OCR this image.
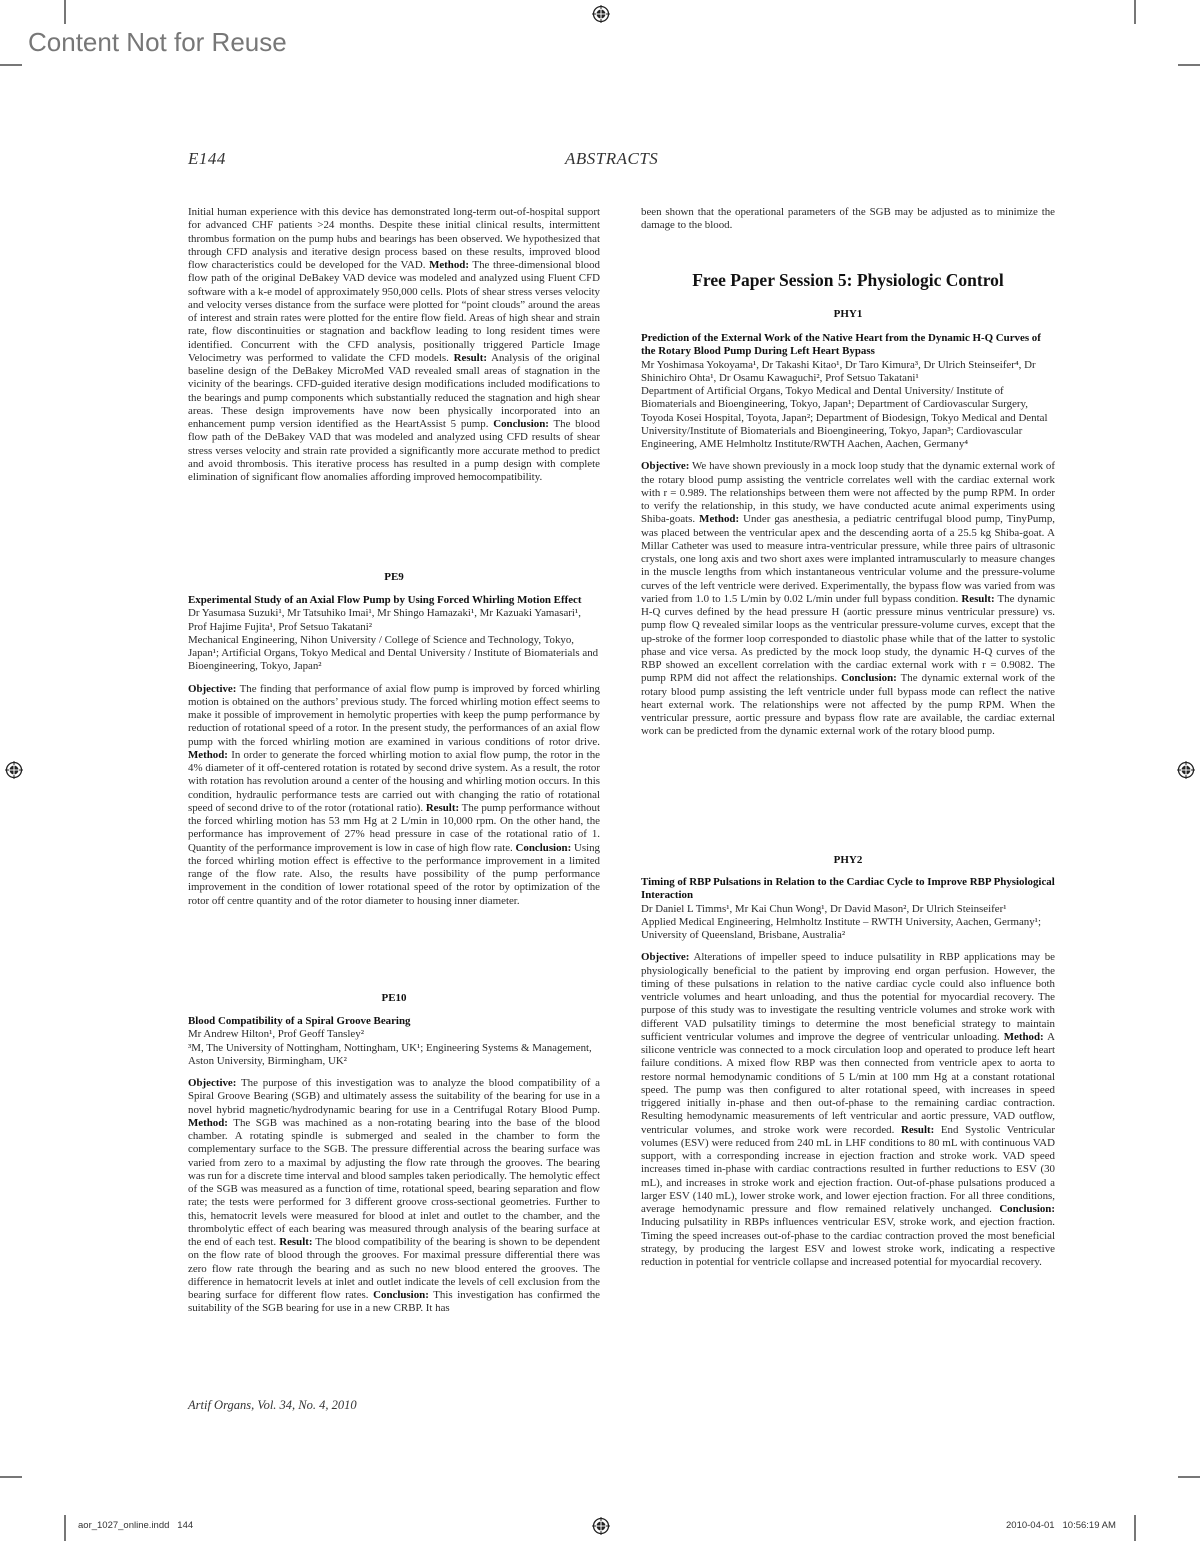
Content Not for Reuse
E144	ABSTRACTS
Initial human experience with this device has demonstrated long-term out-of-hospital support for advanced CHF patients >24 months. Despite these initial clinical results, intermittent thrombus formation on the pump hubs and bearings has been observed. We hypothesized that through CFD analysis and iterative design process based on these results, improved blood flow characteristics could be developed for the VAD. Method: The three-dimensional blood flow path of the original DeBakey VAD device was modeled and analyzed using Fluent CFD software with a k-e model of approximately 950,000 cells. Plots of shear stress verses velocity and velocity verses distance from the surface were plotted for “point clouds” around the areas of interest and strain rates were plotted for the entire flow field. Areas of high shear and strain rate, flow discontinuities or stagnation and backflow leading to long resident times were identified. Concurrent with the CFD analysis, positionally triggered Particle Image Velocimetry was performed to validate the CFD models. Result: Analysis of the original baseline design of the DeBakey MicroMed VAD revealed small areas of stagnation in the vicinity of the bearings. CFD-guided iterative design modifications included modifications to the bearings and pump components which substantially reduced the stagnation and high shear areas. These design improvements have now been physically incorporated into an enhancement pump version identified as the HeartAssist 5 pump. Conclusion: The blood flow path of the DeBakey VAD that was modeled and analyzed using CFD results of shear stress verses velocity and strain rate provided a significantly more accurate method to predict and avoid thrombosis. This iterative process has resulted in a pump design with complete elimination of significant flow anomalies affording improved hemocompatibility.
PE9
Experimental Study of an Axial Flow Pump by Using Forced Whirling Motion Effect
Dr Yasumasa Suzuki¹, Mr Tatsuhiko Imai¹, Mr Shingo Hamazaki¹, Mr Kazuaki Yamasari¹, Prof Hajime Fujita¹, Prof Setsuo Takatani²
Mechanical Engineering, Nihon University / College of Science and Technology, Tokyo, Japan¹; Artificial Organs, Tokyo Medical and Dental University / Institute of Biomaterials and Bioengineering, Tokyo, Japan²
Objective: The finding that performance of axial flow pump is improved by forced whirling motion is obtained on the authors’ previous study. The forced whirling motion effect seems to make it possible of improvement in hemolytic properties with keep the pump performance by reduction of rotational speed of a rotor. In the present study, the performances of an axial flow pump with the forced whirling motion are examined in various conditions of rotor drive. Method: In order to generate the forced whirling motion to axial flow pump, the rotor in the 4% diameter of it off-centered rotation is rotated by second drive system. As a result, the rotor with rotation has revolution around a center of the housing and whirling motion occurs. In this condition, hydraulic performance tests are carried out with changing the ratio of rotational speed of second drive to of the rotor (rotational ratio). Result: The pump performance without the forced whirling motion has 53 mm Hg at 2 L/min in 10,000 rpm. On the other hand, the performance has improvement of 27% head pressure in case of the rotational ratio of 1. Quantity of the performance improvement is low in case of high flow rate. Conclusion: Using the forced whirling motion effect is effective to the performance improvement in a limited range of the flow rate. Also, the results have possibility of the pump performance improvement in the condition of lower rotational speed of the rotor by optimization of the rotor off centre quantity and of the rotor diameter to housing inner diameter.
PE10
Blood Compatibility of a Spiral Groove Bearing
Mr Andrew Hilton¹, Prof Geoff Tansley²
³M, The University of Nottingham, Nottingham, UK¹; Engineering Systems & Management, Aston University, Birmingham, UK²
Objective: The purpose of this investigation was to analyze the blood compatibility of a Spiral Groove Bearing (SGB) and ultimately assess the suitability of the bearing for use in a novel hybrid magnetic/hydrodynamic bearing for use in a Centrifugal Rotary Blood Pump. Method: The SGB was machined as a non-rotating bearing into the base of the blood chamber. A rotating spindle is submerged and sealed in the chamber to form the complementary surface to the SGB. The pressure differential across the bearing surface was varied from zero to a maximal by adjusting the flow rate through the grooves. The bearing was run for a discrete time interval and blood samples taken periodically. The hemolytic effect of the SGB was measured as a function of time, rotational speed, bearing separation and flow rate; the tests were performed for 3 different groove cross-sectional geometries. Further to this, hematocrit levels were measured for blood at inlet and outlet to the chamber, and the thrombolytic effect of each bearing was measured through analysis of the bearing surface at the end of each test. Result: The blood compatibility of the bearing is shown to be dependent on the flow rate of blood through the grooves. For maximal pressure differential there was zero flow rate through the bearing and as such no new blood entered the grooves. The difference in hematocrit levels at inlet and outlet indicate the levels of cell exclusion from the bearing surface for different flow rates. Conclusion: This investigation has confirmed the suitability of the SGB bearing for use in a new CRBP. It has
been shown that the operational parameters of the SGB may be adjusted as to minimize the damage to the blood.
Free Paper Session 5: Physiologic Control
PHY1
Prediction of the External Work of the Native Heart from the Dynamic H-Q Curves of the Rotary Blood Pump During Left Heart Bypass
Mr Yoshimasa Yokoyama¹, Dr Takashi Kitao¹, Dr Taro Kimura³, Dr Ulrich Steinseifer⁴, Dr Shinichiro Ohta¹, Dr Osamu Kawaguchi², Prof Setsuo Takatani¹
Department of Artificial Organs, Tokyo Medical and Dental University/ Institute of Biomaterials and Bioengineering, Tokyo, Japan¹; Department of Cardiovascular Surgery, Toyoda Kosei Hospital, Toyota, Japan²; Department of Biodesign, Tokyo Medical and Dental University/Institute of Biomaterials and Bioengineering, Tokyo, Japan³; Cardiovascular Engineering, AME Helmholtz Institute/RWTH Aachen, Aachen, Germany⁴
Objective: We have shown previously in a mock loop study that the dynamic external work of the rotary blood pump assisting the ventricle correlates well with the cardiac external work with r = 0.989. The relationships between them were not affected by the pump RPM. In order to verify the relationship, in this study, we have conducted acute animal experiments using Shiba-goats. Method: Under gas anesthesia, a pediatric centrifugal blood pump, TinyPump, was placed between the ventricular apex and the descending aorta of a 25.5 kg Shiba-goat. A Millar Catheter was used to measure intra-ventricular pressure, while three pairs of ultrasonic crystals, one long axis and two short axes were implanted intramuscularly to measure changes in the muscle lengths from which instantaneous ventricular volume and the pressure-volume curves of the left ventricle were derived. Experimentally, the bypass flow was varied from was varied from 1.0 to 1.5 L/min by 0.02 L/min under full bypass condition. Result: The dynamic H-Q curves defined by the head pressure H (aortic pressure minus ventricular pressure) vs. pump flow Q revealed similar loops as the ventricular pressure-volume curves, except that the up-stroke of the former loop corresponded to diastolic phase while that of the latter to systolic phase and vice versa. As predicted by the mock loop study, the dynamic H-Q curves of the RBP showed an excellent correlation with the cardiac external work with r = 0.9082. The pump RPM did not affect the relationships. Conclusion: The dynamic external work of the rotary blood pump assisting the left ventricle under full bypass mode can reflect the native heart external work. The relationships were not affected by the pump RPM. When the ventricular pressure, aortic pressure and bypass flow rate are available, the cardiac external work can be predicted from the dynamic external work of the rotary blood pump.
PHY2
Timing of RBP Pulsations in Relation to the Cardiac Cycle to Improve RBP Physiological Interaction
Dr Daniel L Timms¹, Mr Kai Chun Wong¹, Dr David Mason², Dr Ulrich Steinseifer¹
Applied Medical Engineering, Helmholtz Institute – RWTH University, Aachen, Germany¹; University of Queensland, Brisbane, Australia²
Objective: Alterations of impeller speed to induce pulsatility in RBP applications may be physiologically beneficial to the patient by improving end organ perfusion. However, the timing of these pulsations in relation to the native cardiac cycle could also influence both ventricle volumes and heart unloading, and thus the potential for myocardial recovery. The purpose of this study was to investigate the resulting ventricle volumes and stroke work with different VAD pulsatility timings to determine the most beneficial strategy to maintain sufficient ventricular volumes and improve the degree of ventricular unloading. Method: A silicone ventricle was connected to a mock circulation loop and operated to produce left heart failure conditions. A mixed flow RBP was then connected from ventricle apex to aorta to restore normal hemodynamic conditions of 5 L/min at 100 mm Hg at a constant rotational speed. The pump was then configured to alter rotational speed, with increases in speed triggered initially in-phase and then out-of-phase to the remaining cardiac contraction. Resulting hemodynamic measurements of left ventricular and aortic pressure, VAD outflow, ventricular volumes, and stroke work were recorded. Result: End Systolic Ventricular volumes (ESV) were reduced from 240 mL in LHF conditions to 80 mL with continuous VAD support, with a corresponding increase in ejection fraction and stroke work. VAD speed increases timed in-phase with cardiac contractions resulted in further reductions to ESV (30 mL), and increases in stroke work and ejection fraction. Out-of-phase pulsations produced a larger ESV (140 mL), lower stroke work, and lower ejection fraction. For all three conditions, average hemodynamic pressure and flow remained relatively unchanged. Conclusion: Inducing pulsatility in RBPs influences ventricular ESV, stroke work, and ejection fraction. Timing the speed increases out-of-phase to the cardiac contraction proved the most beneficial strategy, by producing the largest ESV and lowest stroke work, indicating a respective reduction in potential for ventricle collapse and increased potential for myocardial recovery.
Artif Organs, Vol. 34, No. 4, 2010
aor_1027_online.indd   144	2010-04-01   10:56:19 AM
